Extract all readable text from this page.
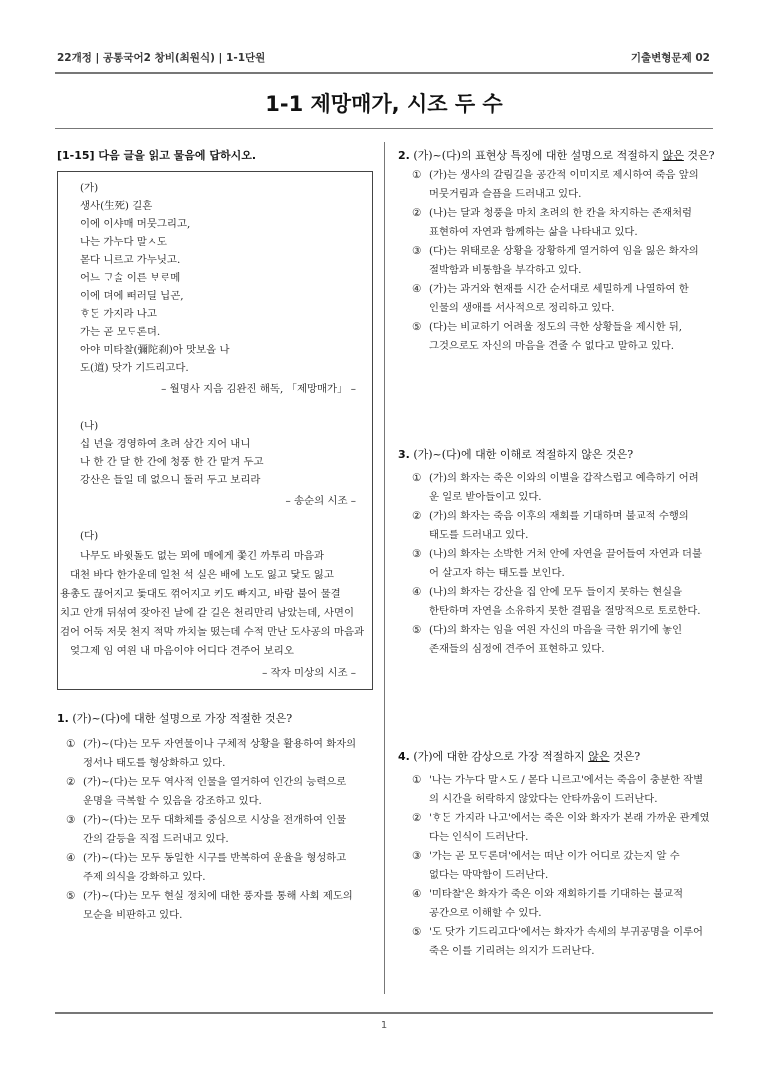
22개정 | 공통국어2 창비(최원식) | 1-1단원	기출변형문제 02
1-1 제망매가, 시조 두 수
[1-15] 다음 글을 읽고 물음에 답하시오.
(가)
생사(生死) 길흔
이에 이샤매 머뭇그리고,
나는 가누다 말ㅅ도
몯다 니르고 가누닛고.
어느 ᄀᆞᄉᆞᆯ 이른 ᄇᆞᄅᆞ메
이에 뎌에 ᄠᅥ러딜 닙곤,
ᄒᆞᄃᆞᆫ 가지라 나고
가는 곧 모ᄃᆞ론뎌.
아야 미타찰(彌陀刹)아 맛보올 나
도(道) 닷가 기드리고다.
– 월명사 지음 김완진 해독, 「제망매가」 –
(나)
십 년을 경영하여 초려 삼간 지어 내니
나 한 간 달 한 간에 청풍 한 간 맡겨 두고
강산은 들일 데 없으니 둘러 두고 보리라
– 송순의 시조 –
(다)
나무도 바윗돌도 없는 뫼에 매에게 쫓긴 까투리 마음과
대천 바다 한가운데 일천 석 실은 배에 노도 잃고 닻도 잃고
용총도 끊어지고 돛대도 꺾어지고 키도 빠지고, 바람 불어 물결
치고 안개 뒤섞여 잦아진 날에 갈 길은 천리만리 남았는데, 사면이
검어 어둑 저뭇 천지 적막 까치놀 떴는데 수적 만난 도사공의 마음과
엊그제 임 여읜 내 마음이야 어디다 견주어 보리오
– 작자 미상의 시조 –
1. (가)~(다)에 대한 설명으로 가장 적절한 것은?
① (가)~(다)는 모두 자연물이나 구체적 상황을 활용하여 화자의
정서나 태도를 형상화하고 있다.
② (가)~(다)는 모두 역사적 인물을 열거하여 인간의 능력으로
운명을 극복할 수 있음을 강조하고 있다.
③ (가)~(다)는 모두 대화체를 중심으로 시상을 전개하여 인물
간의 갈등을 직접 드러내고 있다.
④ (가)~(다)는 모두 동일한 시구를 반복하여 운율을 형성하고
주제 의식을 강화하고 있다.
⑤ (가)~(다)는 모두 현실 정치에 대한 풍자를 통해 사회 제도의
모순을 비판하고 있다.
2. (가)~(다)의 표현상 특징에 대한 설명으로 적절하지 않은 것은?
① (가)는 생사의 갈림길을 공간적 이미지로 제시하여 죽음 앞의
머뭇거림과 슬픔을 드러내고 있다.
② (나)는 달과 청풍을 마치 초려의 한 칸을 차지하는 존재처럼
표현하여 자연과 함께하는 삶을 나타내고 있다.
③ (다)는 위태로운 상황을 장황하게 열거하여 임을 잃은 화자의
절박함과 비통함을 부각하고 있다.
④ (가)는 과거와 현재를 시간 순서대로 세밀하게 나열하여 한
인물의 생애를 서사적으로 정리하고 있다.
⑤ (다)는 비교하기 어려울 정도의 극한 상황들을 제시한 뒤,
그것으로도 자신의 마음을 견줄 수 없다고 말하고 있다.
3. (가)~(다)에 대한 이해로 적절하지 않은 것은?
① (가)의 화자는 죽은 이와의 이별을 갑작스럽고 예측하기 어려
운 일로 받아들이고 있다.
② (가)의 화자는 죽음 이후의 재회를 기대하며 불교적 수행의
태도를 드러내고 있다.
③ (나)의 화자는 소박한 거처 안에 자연을 끌어들여 자연과 더불
어 살고자 하는 태도를 보인다.
④ (나)의 화자는 강산을 집 안에 모두 들이지 못하는 현실을
한탄하며 자연을 소유하지 못한 결핍을 절망적으로 토로한다.
⑤ (다)의 화자는 임을 여읜 자신의 마음을 극한 위기에 놓인
존재들의 심정에 견주어 표현하고 있다.
4. (가)에 대한 감상으로 가장 적절하지 않은 것은?
① '나는 가누다 말ㅅ도 / 몯다 니르고'에서는 죽음이 충분한 작별
의 시간을 허락하지 않았다는 안타까움이 드러난다.
② 'ᄒᆞᄃᆞᆫ 가지라 나고'에서는 죽은 이와 화자가 본래 가까운 관계였
다는 인식이 드러난다.
③ '가는 곧 모ᄃᆞ론뎌'에서는 떠난 이가 어디로 갔는지 알 수
없다는 막막함이 드러난다.
④ '미타찰'은 화자가 죽은 이와 재회하기를 기대하는 불교적
공간으로 이해할 수 있다.
⑤ '도 닷가 기드리고다'에서는 화자가 속세의 부귀공명을 이루어
죽은 이를 기리려는 의지가 드러난다.
1
